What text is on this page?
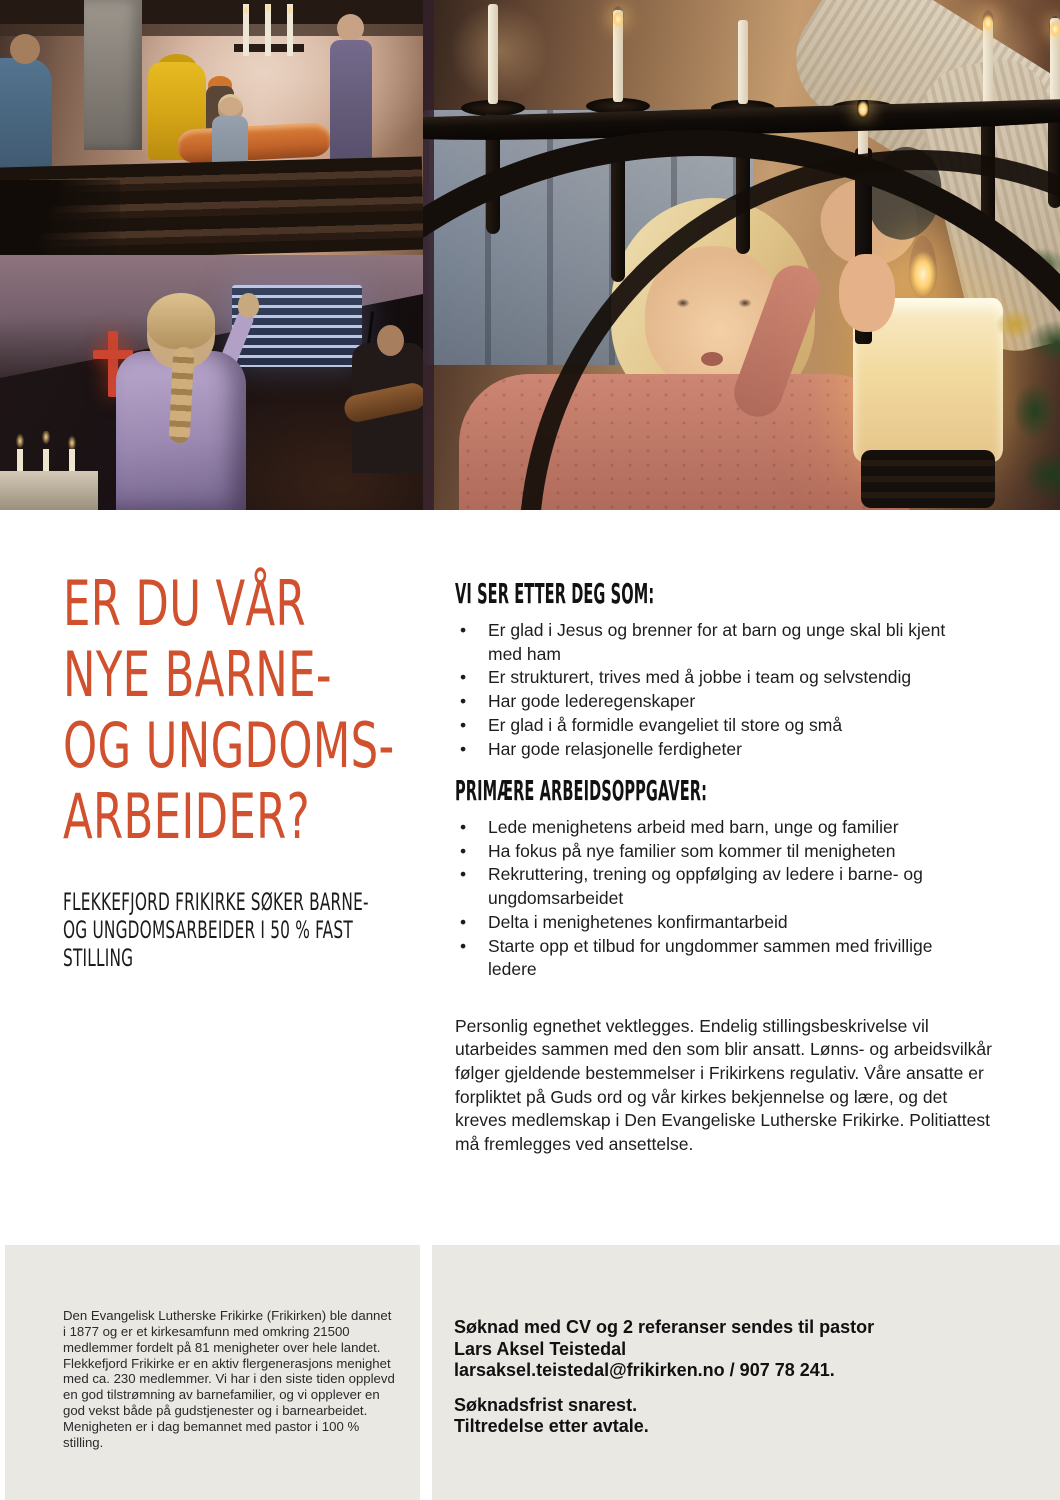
ER DU VÅR
NYE BARNE-
OG UNGDOMS-
ARBEIDER?
FLEKKEFJORD FRIKIRKE SØKER BARNE-
OG UNGDOMSARBEIDER I 50 % FAST
STILLING
VI SER ETTER DEG SOM:
•	Er glad i Jesus og brenner for at barn og unge skal bli kjent med ham
•	Er strukturert, trives med å jobbe i team og selvstendig
•	Har gode lederegenskaper
•	Er glad i å formidle evangeliet til store og små
•	Har gode relasjonelle ferdigheter
PRIMÆRE ARBEIDSOPPGAVER:
•	Lede menighetens arbeid med barn, unge og familier
•	Ha fokus på nye familier som kommer til menigheten
•	Rekruttering, trening og oppfølging av ledere i barne- og ungdomsarbeidet
•	Delta i menighetenes konfirmantarbeid
•	Starte opp et tilbud for ungdommer sammen med frivillige ledere

Personlig egnethet vektlegges. Endelig stillingsbeskrivelse vil utarbeides sammen med den som blir ansatt. Lønns- og arbeidsvilkår følger gjeldende bestemmelser i Frikirkens regulativ. Våre ansatte er forpliktet på Guds ord og vår kirkes bekjennelse og lære, og det kreves medlemskap i Den Evangeliske Lutherske Frikirke. Politiattest må fremlegges ved ansettelse.

Den Evangelisk Lutherske Frikirke (Frikirken) ble dannet i 1877 og er et kirkesamfunn med omkring 21500 medlemmer fordelt på 81 menigheter over hele landet. Flekkefjord Frikirke er en aktiv flergenerasjons menighet med ca. 230 medlemmer. Vi har i den siste tiden opplevd en god tilstrømning av barnefamilier, og vi opplever en god vekst både på gudstjenester og i barnearbeidet. Menigheten er i dag bemannet med pastor i 100 % stilling.

Søknad med CV og 2 referanser sendes til pastor
Lars Aksel Teistedal
larsaksel.teistedal@frikirken.no / 907 78 241.
Søknadsfrist snarest.
Tiltredelse etter avtale.
